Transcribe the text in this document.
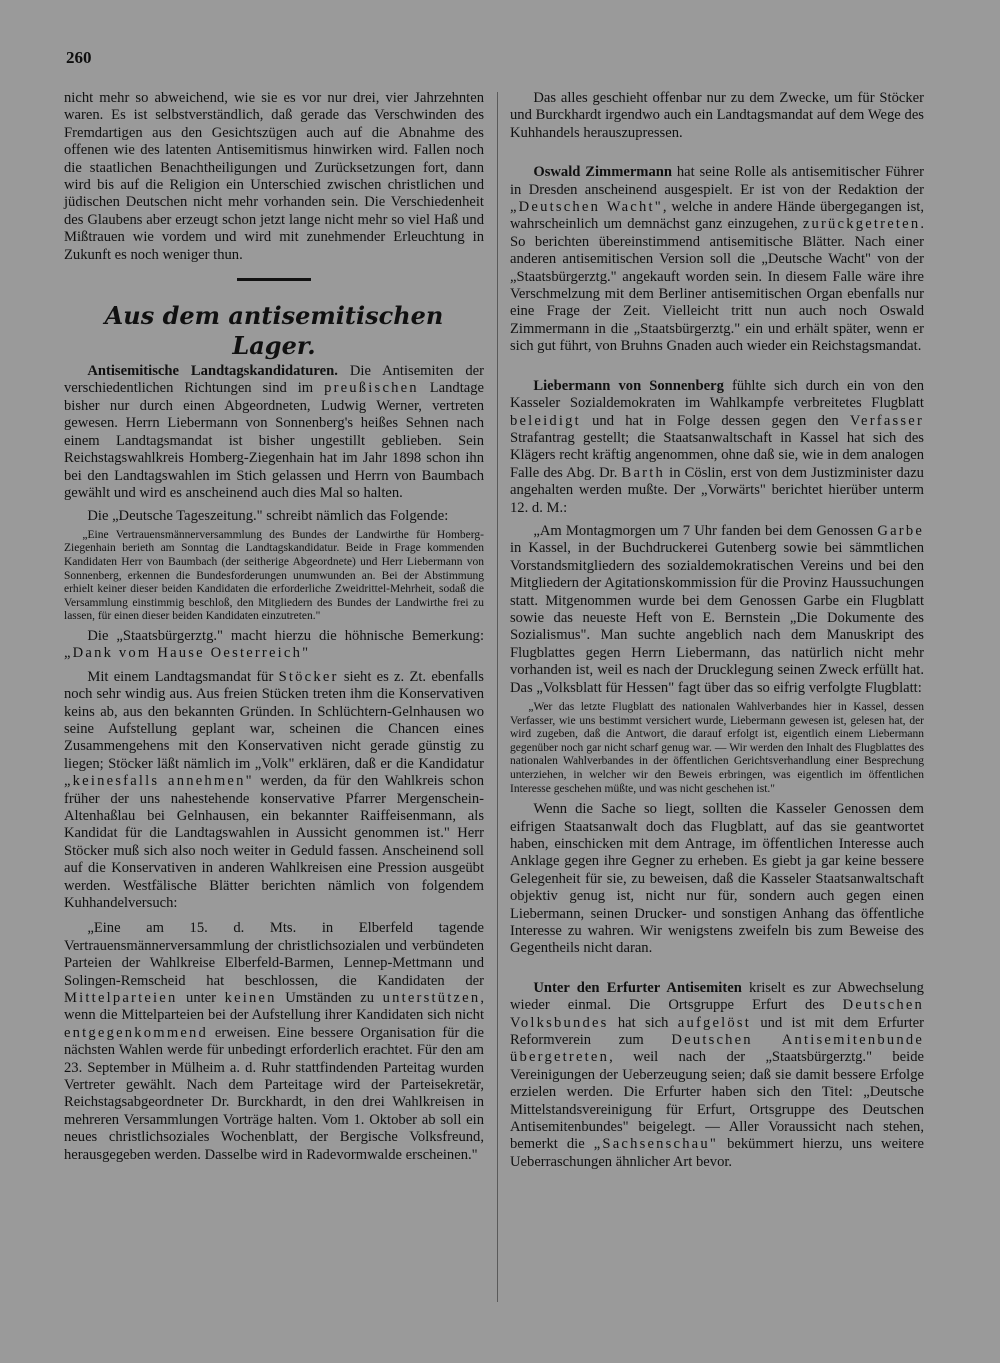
260

nicht mehr so abweichend, wie sie es vor nur drei, vier Jahrzehnten waren. Es ist selbstverständlich, daß gerade das Verschwinden des Fremdartigen aus den Gesichtszügen auch auf die Abnahme des offenen wie des latenten Antisemitismus hinwirken wird. Fallen noch die staatlichen Benachtheiligungen und Zurücksetzungen fort, dann wird bis auf die Religion ein Unterschied zwischen christlichen und jüdischen Deutschen nicht mehr vorhanden sein. Die Verschiedenheit des Glaubens aber erzeugt schon jetzt lange nicht mehr so viel Haß und Mißtrauen wie vordem und wird mit zunehmender Erleuchtung in Zukunft es noch weniger thun.

Aus dem antisemitischen Lager.

Antisemitische Landtagskandidaturen. Die Antisemiten der verschiedentlichen Richtungen sind im preußischen Landtage bisher nur durch einen Abgeordneten, Ludwig Werner, vertreten gewesen. Herrn Liebermann von Sonnenberg's heißes Sehnen nach einem Landtagsmandat ist bisher ungestillt geblieben. Sein Reichstagswahlkreis Homberg-Ziegenhain hat im Jahr 1898 schon ihn bei den Landtagswahlen im Stich gelassen und Herrn von Baumbach gewählt und wird es anscheinend auch dies Mal so halten.

Die „Deutsche Tageszeitung." schreibt nämlich das Folgende:

„Eine Vertrauensmännerversammlung des Bundes der Landwirthe für Homberg-Ziegenhain berieth am Sonntag die Landtagskandidatur. Beide in Frage kommenden Kandidaten Herr von Baumbach (der seitherige Abgeordnete) und Herr Liebermann von Sonnenberg, erkennen die Bundesforderungen unumwunden an. Bei der Abstimmung erhielt keiner dieser beiden Kandidaten die erforderliche Zweidrittel-Mehrheit, sodaß die Versammlung einstimmig beschloß, den Mitgliedern des Bundes der Landwirthe frei zu lassen, für einen dieser beiden Kandidaten einzutreten."

Die „Staatsbürgerztg." macht hierzu die höhnische Bemerkung: „Dank vom Hause Oesterreich"

Mit einem Landtagsmandat für Stöcker sieht es z. Zt. ebenfalls noch sehr windig aus. Aus freien Stücken treten ihm die Konservativen keins ab, aus den bekannten Gründen. In Schlüchtern-Gelnhausen wo seine Aufstellung geplant war, scheinen die Chancen eines Zusammengehens mit den Konservativen nicht gerade günstig zu liegen; Stöcker läßt nämlich im „Volk" erklären, daß er die Kandidatur „keinesfalls annehmen" werden, da für den Wahlkreis schon früher der uns nahestehende konservative Pfarrer Mergenschein-Altenhaßlau bei Gelnhausen, ein bekannter Raiffeisenmann, als Kandidat für die Landtagswahlen in Aussicht genommen ist." Herr Stöcker muß sich also noch weiter in Geduld fassen. Anscheinend soll auf die Konservativen in anderen Wahlkreisen eine Pression ausgeübt werden. Westfälische Blätter berichten nämlich von folgendem Kuhhandelversuch:

„Eine am 15. d. Mts. in Elberfeld tagende Vertrauensmännerversammlung der christlichsozialen und verbündeten Parteien der Wahlkreise Elberfeld-Barmen, Lennep-Mettmann und Solingen-Remscheid hat beschlossen, die Kandidaten der Mittelparteien unter keinen Umständen zu unterstützen, wenn die Mittelparteien bei der Aufstellung ihrer Kandidaten sich nicht entgegenkommend erweisen. Eine bessere Organisation für die nächsten Wahlen werde für unbedingt erforderlich erachtet. Für den am 23. September in Mülheim a. d. Ruhr stattfindenden Parteitag wurden Vertreter gewählt. Nach dem Parteitage wird der Parteisekretär, Reichstagsabgeordneter Dr. Burckhardt, in den drei Wahlkreisen in mehreren Versammlungen Vorträge halten. Vom 1. Oktober ab soll ein neues christlichsoziales Wochenblatt, der Bergische Volksfreund, herausgegeben werden. Dasselbe wird in Radevormwalde erscheinen."

Das alles geschieht offenbar nur zu dem Zwecke, um für Stöcker und Burckhardt irgendwo auch ein Landtagsmandat auf dem Wege des Kuhhandels herauszupressen.

Oswald Zimmermann hat seine Rolle als antisemitischer Führer in Dresden anscheinend ausgespielt. Er ist von der Redaktion der „Deutschen Wacht", welche in andere Hände übergegangen ist, wahrscheinlich um demnächst ganz einzugehen, zurückgetreten. So berichten übereinstimmend antisemitische Blätter. Nach einer anderen antisemitischen Version soll die „Deutsche Wacht" von der „Staatsbürgerztg." angekauft worden sein. In diesem Falle wäre ihre Verschmelzung mit dem Berliner antisemitischen Organ ebenfalls nur eine Frage der Zeit. Vielleicht tritt nun auch noch Oswald Zimmermann in die „Staatsbürgerztg." ein und erhält später, wenn er sich gut führt, von Bruhns Gnaden auch wieder ein Reichstagsmandat.

Liebermann von Sonnenberg fühlte sich durch ein von den Kasseler Sozialdemokraten im Wahlkampfe verbreitetes Flugblatt beleidigt und hat in Folge dessen gegen den Verfasser Strafantrag gestellt; die Staatsanwaltschaft in Kassel hat sich des Klägers recht kräftig angenommen, ohne daß sie, wie in dem analogen Falle des Abg. Dr. Barth in Cöslin, erst von dem Justizminister dazu angehalten werden mußte. Der „Vorwärts" berichtet hierüber unterm 12. d. M.:

„Am Montagmorgen um 7 Uhr fanden bei dem Genossen Garbe in Kassel, in der Buchdruckerei Gutenberg sowie bei sämmtlichen Vorstandsmitgliedern des sozialdemokratischen Vereins und bei den Mitgliedern der Agitationskommission für die Provinz Haussuchungen statt. Mitgenommen wurde bei dem Genossen Garbe ein Flugblatt sowie das neueste Heft von E. Bernstein „Die Dokumente des Sozialismus". Man suchte angeblich nach dem Manuskript des Flugblattes gegen Herrn Liebermann, das natürlich nicht mehr vorhanden ist, weil es nach der Drucklegung seinen Zweck erfüllt hat. Das „Volksblatt für Hessen" fagt über das so eifrig verfolgte Flugblatt:

„Wer das letzte Flugblatt des nationalen Wahlverbandes hier in Kassel, dessen Verfasser, wie uns bestimmt versichert wurde, Liebermann gewesen ist, gelesen hat, der wird zugeben, daß die Antwort, die darauf erfolgt ist, eigentlich einem Liebermann gegenüber noch gar nicht scharf genug war. — Wir werden den Inhalt des Flugblattes des nationalen Wahlverbandes in der öffentlichen Gerichtsverhandlung einer Besprechung unterziehen, in welcher wir den Beweis erbringen, was eigentlich im öffentlichen Interesse geschehen müßte, und was nicht geschehen ist."

Wenn die Sache so liegt, sollten die Kasseler Genossen dem eifrigen Staatsanwalt doch das Flugblatt, auf das sie geantwortet haben, einschicken mit dem Antrage, im öffentlichen Interesse auch Anklage gegen ihre Gegner zu erheben. Es giebt ja gar keine bessere Gelegenheit für sie, zu beweisen, daß die Kasseler Staatsanwaltschaft objektiv genug ist, nicht nur für, sondern auch gegen einen Liebermann, seinen Drucker- und sonstigen Anhang das öffentliche Interesse zu wahren. Wir wenigstens zweifeln bis zum Beweise des Gegentheils nicht daran.

Unter den Erfurter Antisemiten kriselt es zur Abwechselung wieder einmal. Die Ortsgruppe Erfurt des Deutschen Volksbundes hat sich aufgelöst und ist mit dem Erfurter Reformverein zum Deutschen Antisemitenbunde übergetreten, weil nach der „Staatsbürgerztg." beide Vereinigungen der Ueberzeugung seien; daß sie damit bessere Erfolge erzielen werden. Die Erfurter haben sich den Titel: „Deutsche Mittelstandsvereinigung für Erfurt, Ortsgruppe des Deutschen Antisemitenbundes" beigelegt. — Aller Voraussicht nach stehen, bemerkt die „Sachsenschau" bekümmert hierzu, uns weitere Ueberraschungen ähnlicher Art bevor.
